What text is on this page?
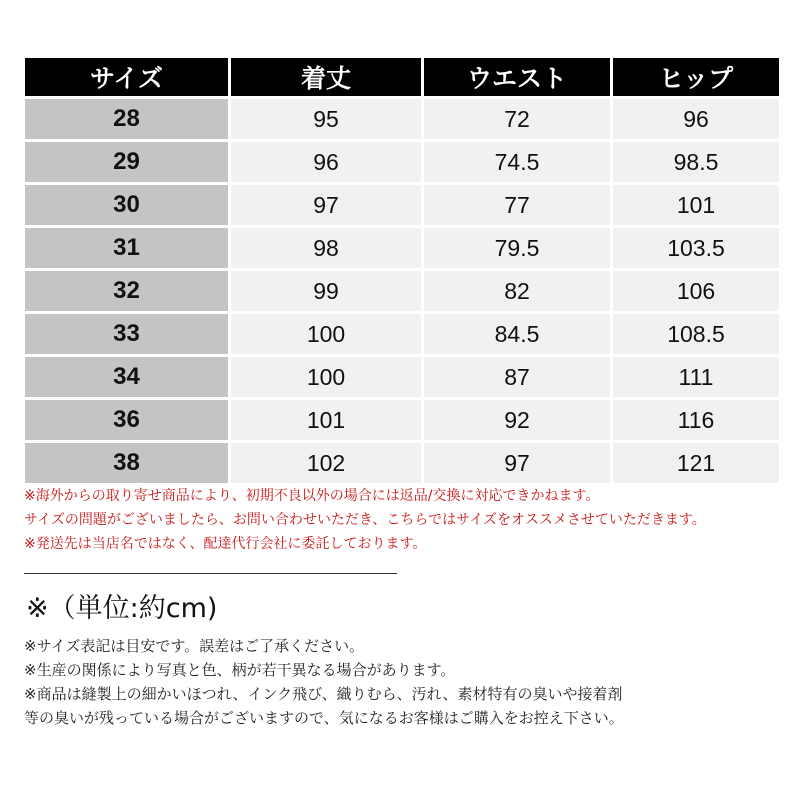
サイズ	着丈	ウエスト	ヒップ
28	95	72	96
29	96	74.5	98.5
30	97	77	101
31	98	79.5	103.5
32	99	82	106
33	100	84.5	108.5
34	100	87	111
36	101	92	116
38	102	97	121
※海外からの取り寄せ商品により、初期不良以外の場合には返品/交換に対応できかねます。
サイズの問題がございましたら、お問い合わせいただき、こちらではサイズをオススメさせていただきます。
※発送先は当店名ではなく、配達代行会社に委託しております。
※（単位:約cm)
※サイズ表記は目安です。誤差はご了承ください。
※生産の関係により写真と色、柄が若干異なる場合があります。
※商品は縫製上の細かいほつれ、インク飛び、織りむら、汚れ、素材特有の臭いや接着剤
等の臭いが残っている場合がございますので、気になるお客様はご購入をお控え下さい。
